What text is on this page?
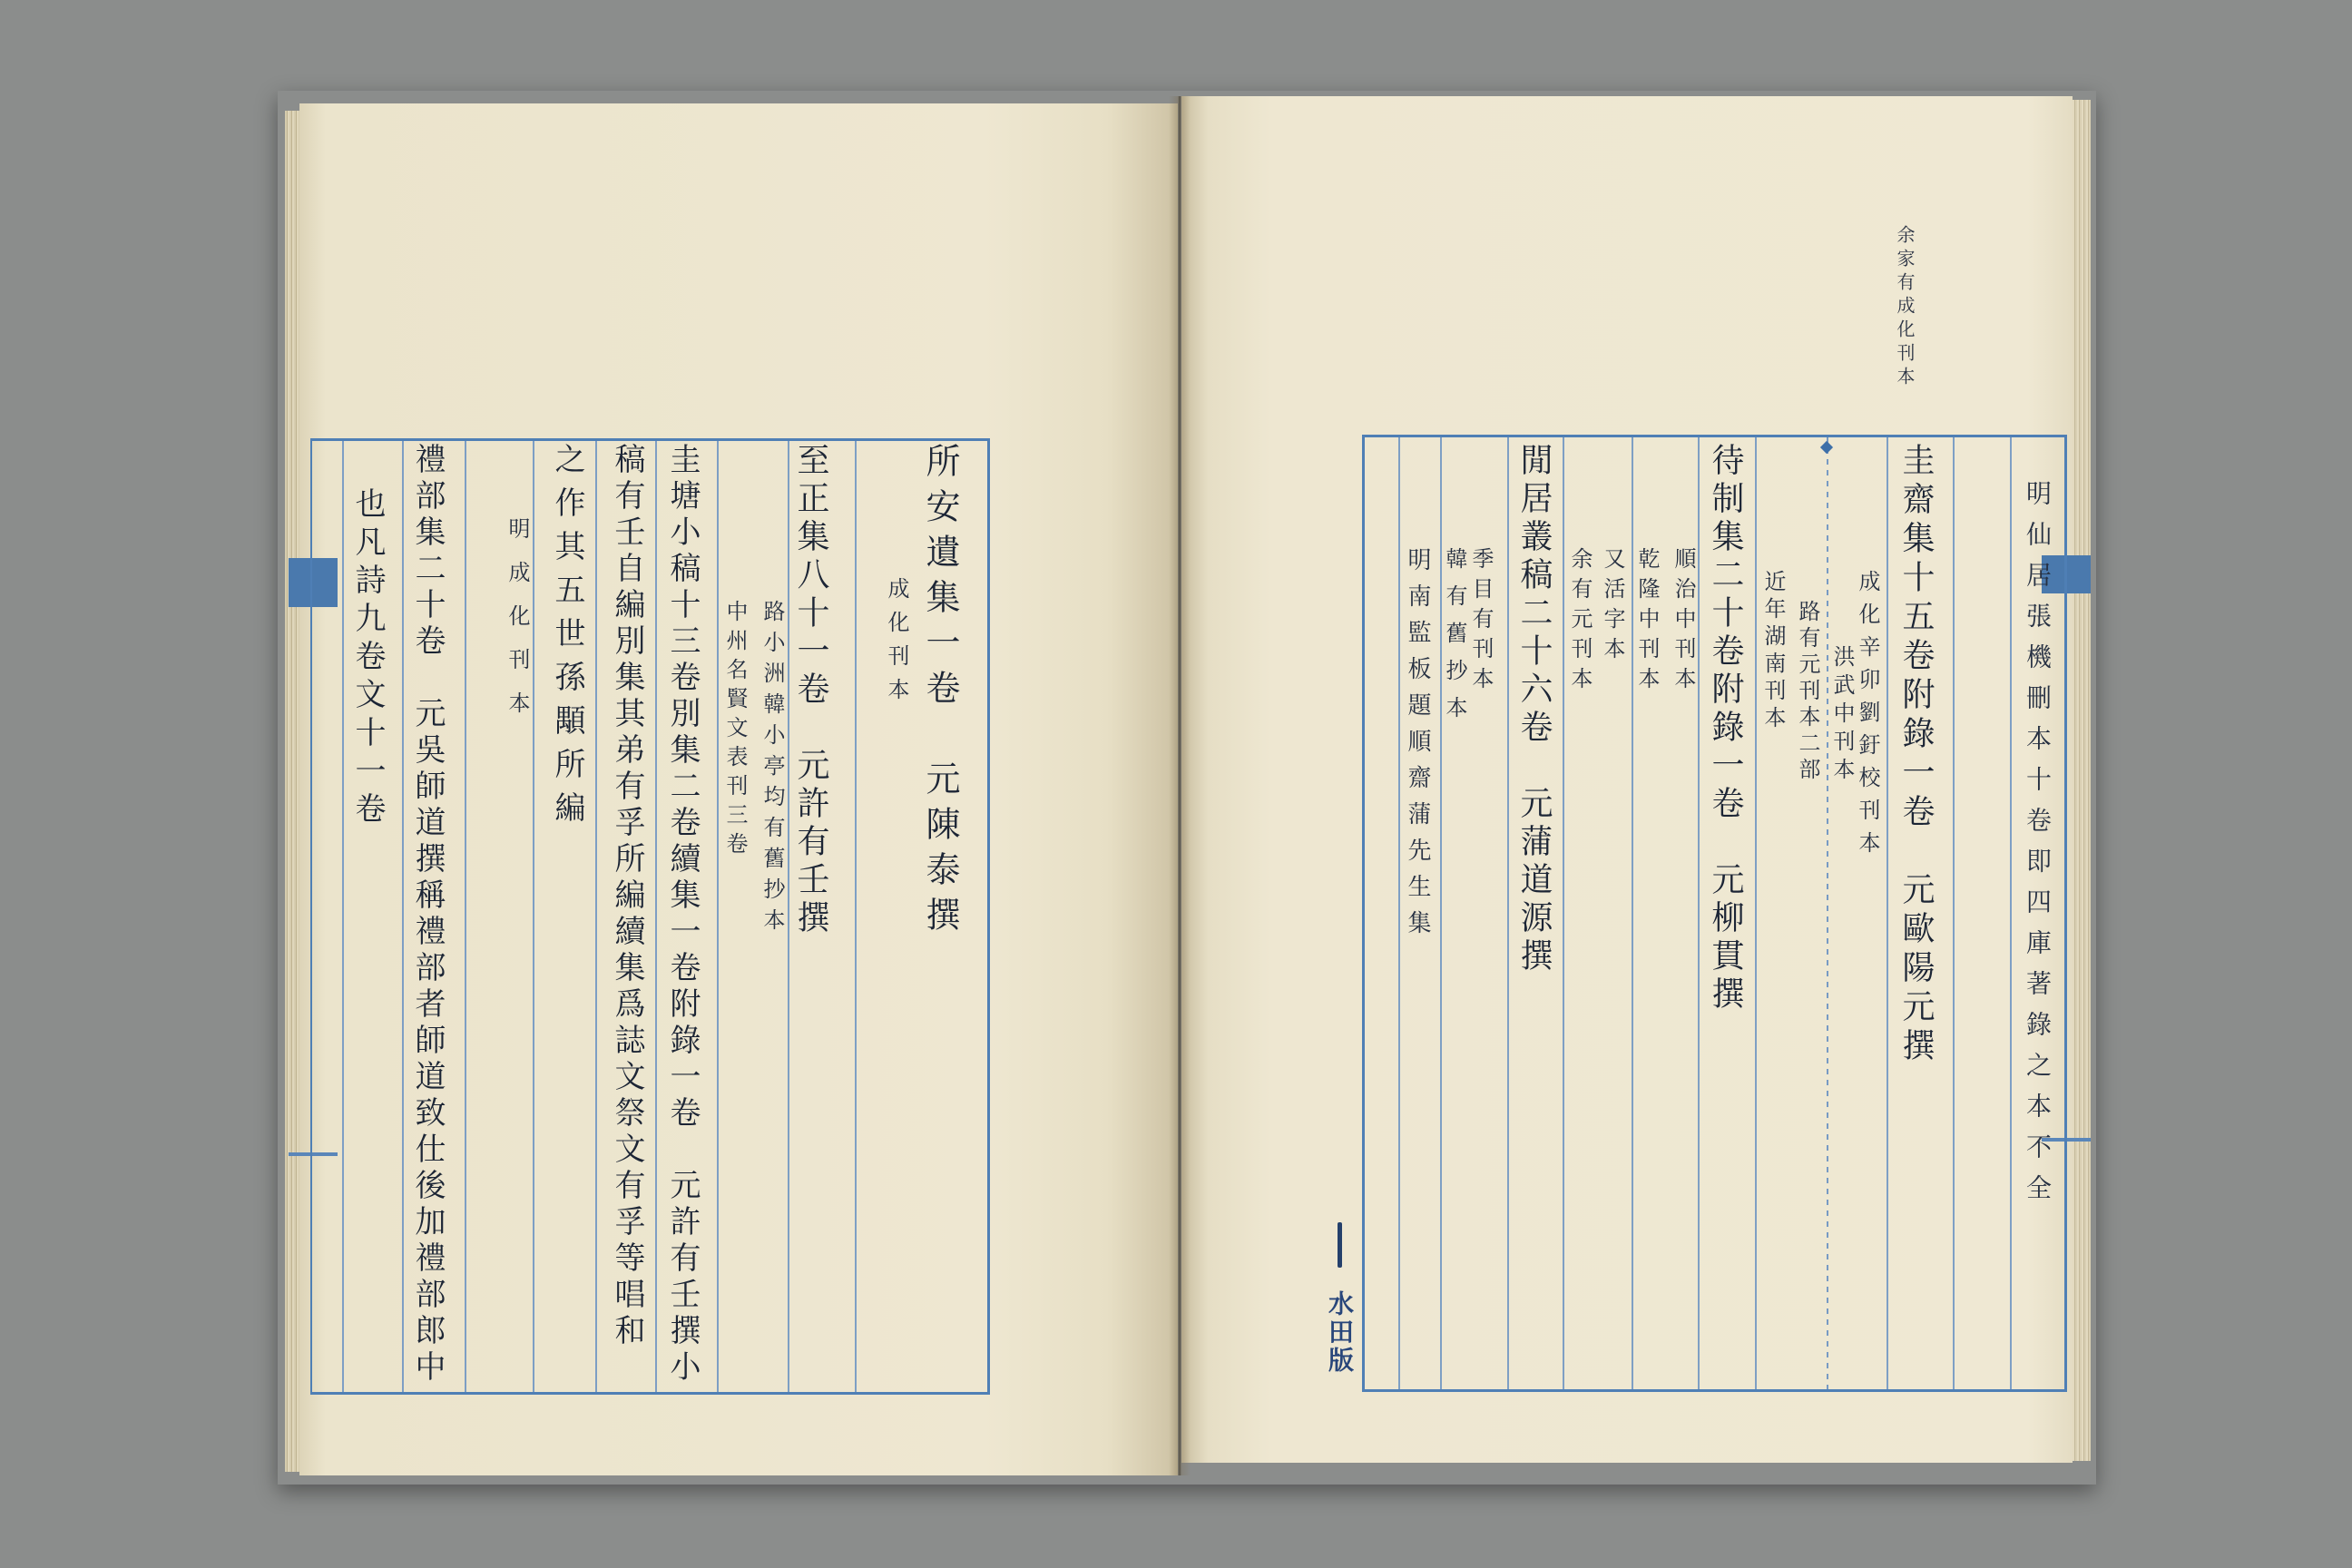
余家有成化刊本
明仙居張機刪本十卷即四庫著錄之本不全
圭齋集十五卷附錄一卷　元歐陽元撰
成化辛卯劉釪校刊本
洪武中刊本
路有元刊本二部
近年湖南刊本
待制集二十卷附錄一卷　元柳貫撰
順治中刊本
乾隆中刊本
又活字本
余有元刊本
閒居叢稿二十六卷　元蒲道源撰
季目有刊本
韓有舊抄本
明南監板題順齋蒲先生集
水田版
所安遺集一卷　元陳泰撰
成化刊本
至正集八十一卷　元許有壬撰
路小洲韓小亭均有舊抄本
中州名賢文表刊三卷
圭塘小稿十三卷別集二卷續集一卷附錄一卷　元許有壬撰小
稿有壬自編別集其弟有孚所編續集爲誌文祭文有孚等唱和
之作其五世孫顒所編
明成化刊本
禮部集二十卷　元吳師道撰稱禮部者師道致仕後加禮部郎中
也凡詩九卷文十一卷
